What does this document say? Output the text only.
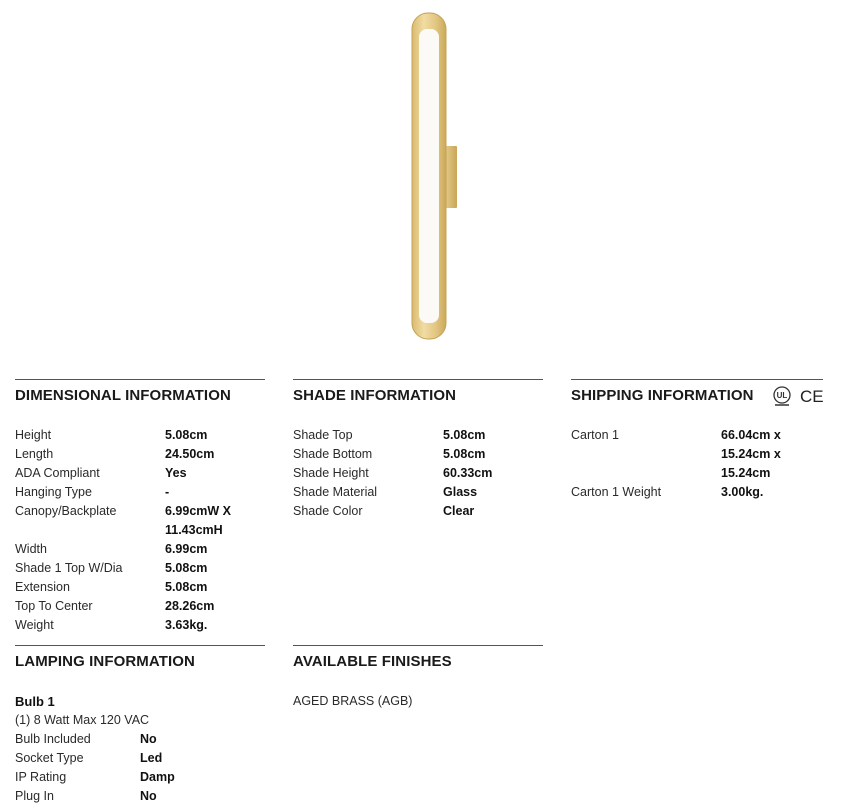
DIMENSIONAL INFORMATION
Height	5.08cm
Length	24.50cm
ADA Compliant	Yes
Hanging Type	-
Canopy/Backplate	6.99cmW X 11.43cmH
Width	6.99cm
Shade 1 Top W/Dia	5.08cm
Extension	5.08cm
Top To Center	28.26cm
Weight	3.63kg.
SHADE INFORMATION
Shade Top	5.08cm
Shade Bottom	5.08cm
Shade Height	60.33cm
Shade Material	Glass
Shade Color	Clear
SHIPPING INFORMATION
Carton 1	66.04cm x 15.24cm x 15.24cm
Carton 1 Weight	3.00kg.
UL CE
LAMPING INFORMATION
Bulb 1
(1) 8 Watt Max 120 VAC
Bulb Included	No
Socket Type	Led
IP Rating	Damp
Plug In	No
AVAILABLE FINISHES
AGED BRASS (AGB)
